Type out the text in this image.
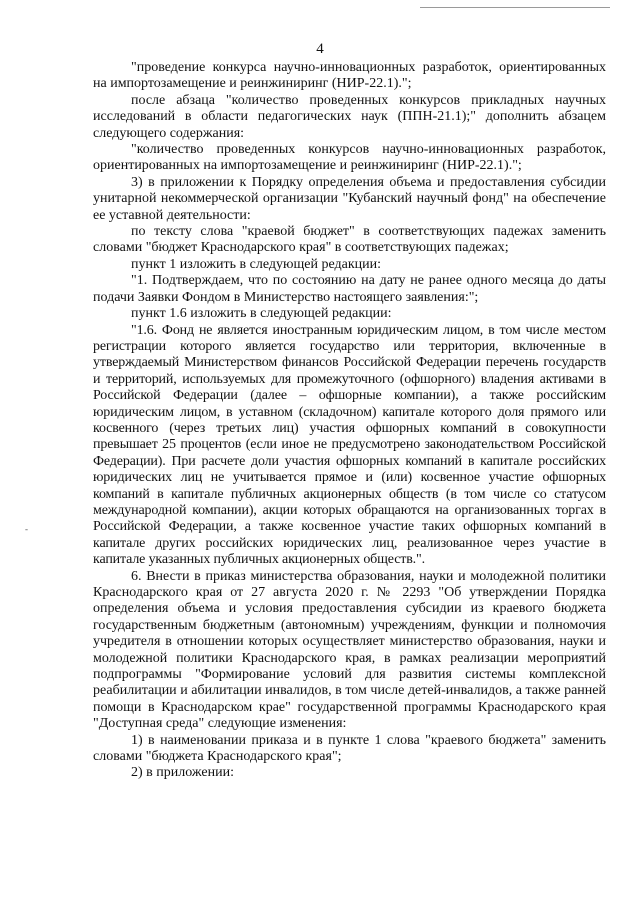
4
-

"проведение конкурса научно-инновационных разработок, ориентированных на импортозамещение и реинжиниринг (НИР-22.1).";

после абзаца "количество проведенных конкурсов прикладных научных исследований в области педагогических наук (ППН-21.1);" дополнить абзацем следующего содержания:

"количество проведенных конкурсов научно-инновационных разработок, ориентированных на импортозамещение и реинжиниринг (НИР-22.1).";

3) в приложении к Порядку определения объема и предоставления субсидии унитарной некоммерческой организации "Кубанский научный фонд" на обеспечение ее уставной деятельности:

по тексту слова "краевой бюджет" в соответствующих падежах заменить словами "бюджет Краснодарского края" в соответствующих падежах;

пункт 1 изложить в следующей редакции:

"1. Подтверждаем, что по состоянию на дату не ранее одного месяца до даты подачи Заявки Фондом в Министерство настоящего заявления:";

пункт 1.6 изложить в следующей редакции:

"1.6. Фонд не является иностранным юридическим лицом, в том числе местом регистрации которого является государство или территория, включенные в утверждаемый Министерством финансов Российской Федерации перечень государств и территорий, используемых для промежуточного (офшорного) владения активами в Российской Федерации (далее – офшорные компании), а также российским юридическим лицом, в уставном (складочном) капитале которого доля прямого или косвенного (через третьих лиц) участия офшорных компаний в совокупности превышает 25 процентов (если иное не предусмотрено законодательством Российской Федерации). При расчете доли участия офшорных компаний в капитале российских юридических лиц не учитывается прямое и (или) косвенное участие офшорных компаний в капитале публичных акционерных обществ (в том числе со статусом международной компании), акции которых обращаются на организованных торгах в Российской Федерации, а также косвенное участие таких офшорных компаний в капитале других российских юридических лиц, реализованное через участие в капитале указанных публичных акционерных обществ.".

6. Внести в приказ министерства образования, науки и молодежной политики Краснодарского края от 27 августа 2020 г. № 2293 "Об утверждении Порядка определения объема и условия предоставления субсидии из краевого бюджета государственным бюджетным (автономным) учреждениям, функции и полномочия учредителя в отношении которых осуществляет министерство образования, науки и молодежной политики Краснодарского края, в рамках реализации мероприятий подпрограммы "Формирование условий для развития системы комплексной реабилитации и абилитации инвалидов, в том числе детей-инвалидов, а также ранней помощи в Краснодарском крае" государственной программы Краснодарского края "Доступная среда" следующие изменения:

1) в наименовании приказа и в пункте 1 слова "краевого бюджета" заменить словами "бюджета Краснодарского края";

2) в приложении:
